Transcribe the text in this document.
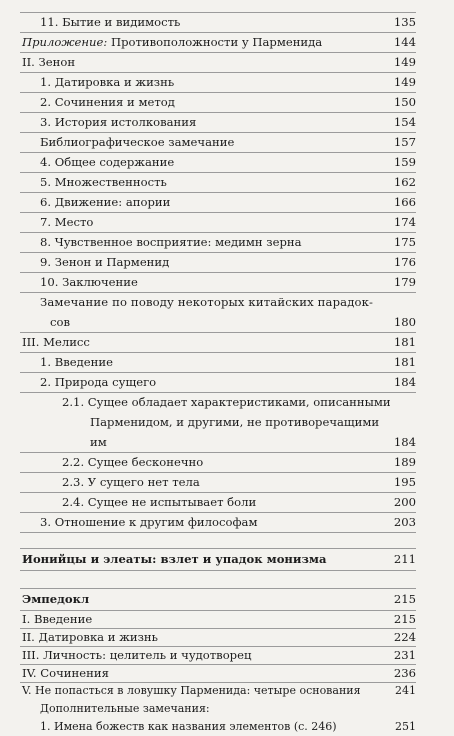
11. Бытие и видимость	135
Приложение: Противоположности у Парменида	144
II. Зенон	149
1. Датировка и жизнь	149
2. Сочинения и метод	150
3. История истолкования	154
Библиографическое замечание	157
4. Общее содержание	159
5. Множественность	162
6. Движение: апории	166
7. Место	174
8. Чувственное восприятие: медимн зерна	175
9. Зенон и Парменид	176
10. Заключение	179
Замечание по поводу некоторых китайских парадок-
сов	180
III. Мелисс	181
1. Введение	181
2. Природа сущего	184
2.1. Сущее обладает характеристиками, описанными
Парменидом, и другими, не противоречащими
им	184
2.2. Сущее бесконечно	189
2.3. У сущего нет тела	195
2.4. Сущее не испытывает боли	200
3. Отношение к другим философам	203
Ионийцы и элеаты: взлет и упадок монизма	211
Эмпедокл	215
I. Введение	215
II. Датировка и жизнь	224
III. Личность: целитель и чудотворец	231
IV. Сочинения	236
V. Не попасться в ловушку Парменида: четыре основания	241
Дополнительные замечания:
1. Имена божеств как названия элементов (с. 246)	251
